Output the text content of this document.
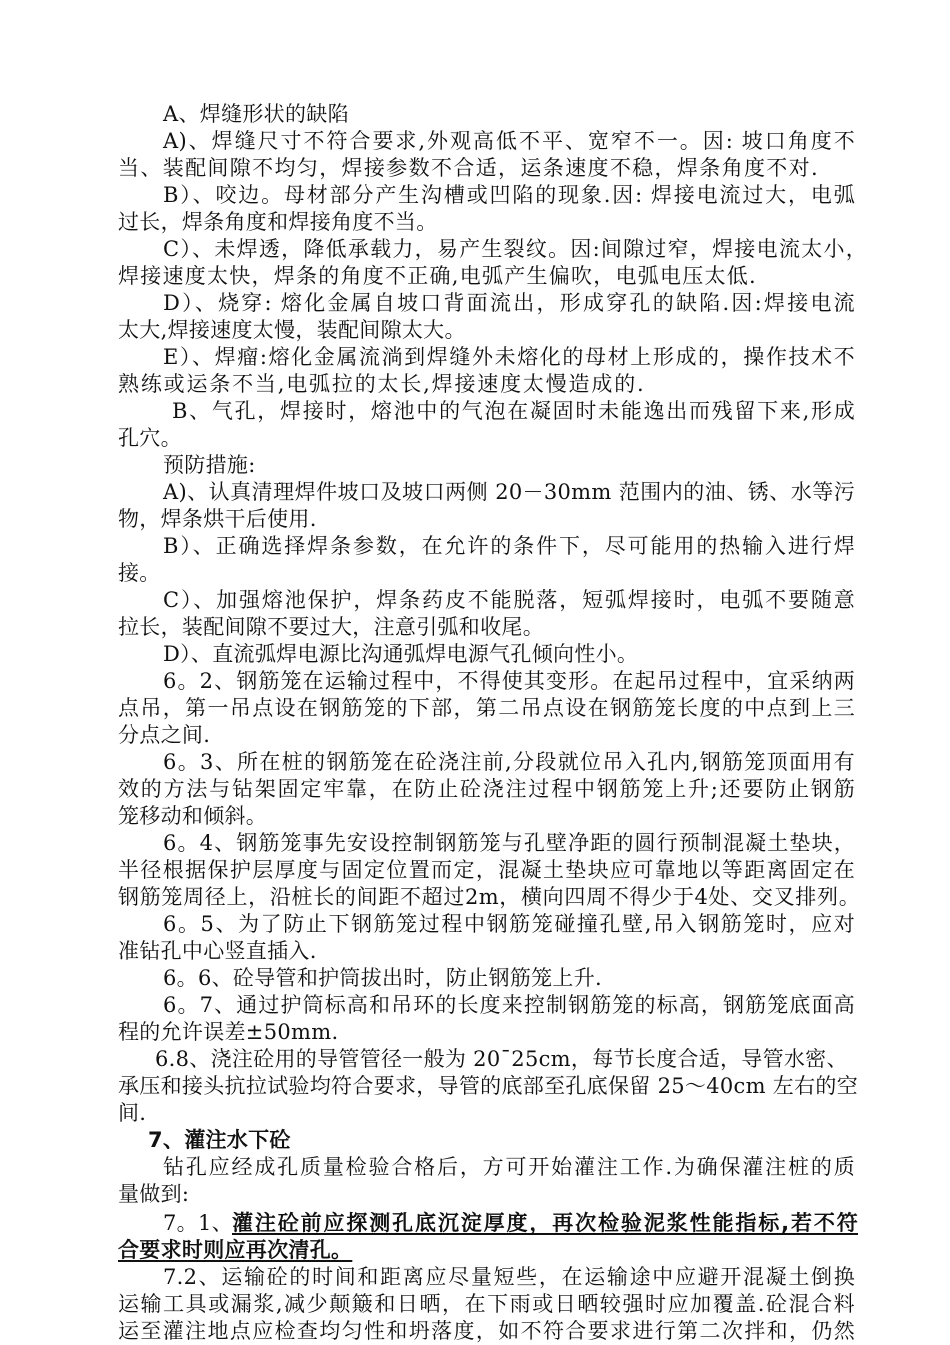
A、焊缝形状的缺陷
A)、焊缝尺寸不符合要求,外观高低不平、宽窄不一。因: 坡口角度不
当、装配间隙不均匀，焊接参数不合适，运条速度不稳，焊条角度不对.
B）、咬边。母材部分产生沟槽或凹陷的现象.因: 焊接电流过大，电弧
过长，焊条角度和焊接角度不当。
C）、未焊透，降低承载力，易产生裂纹。因:间隙过窄，焊接电流太小，
焊接速度太快，焊条的角度不正确,电弧产生偏吹，电弧电压太低.
D）、烧穿: 熔化金属自坡口背面流出，形成穿孔的缺陷.因:焊接电流
太大,焊接速度太慢，装配间隙太大。
E）、焊瘤:熔化金属流淌到焊缝外未熔化的母材上形成的，操作技术不
熟练或运条不当,电弧拉的太长,焊接速度太慢造成的.
B、气孔，焊接时，熔池中的气泡在凝固时未能逸出而残留下来,形成
孔穴。
预防措施:
A)、认真清理焊件坡口及坡口两侧 20－30mm 范围内的油、锈、水等污
物，焊条烘干后使用.
B）、正确选择焊条参数，在允许的条件下，尽可能用的热输入进行焊
接。
C）、加强熔池保护，焊条药皮不能脱落，短弧焊接时，电弧不要随意
拉长，装配间隙不要过大，注意引弧和收尾。
D）、直流弧焊电源比沟通弧焊电源气孔倾向性小。
6。2、钢筋笼在运输过程中，不得使其变形。在起吊过程中，宜采纳两
点吊，第一吊点设在钢筋笼的下部，第二吊点设在钢筋笼长度的中点到上三
分点之间.
6。3、所在桩的钢筋笼在砼浇注前,分段就位吊入孔内,钢筋笼顶面用有
效的方法与钻架固定牢靠，在防止砼浇注过程中钢筋笼上升;还要防止钢筋
笼移动和倾斜。
6。4、钢筋笼事先安设控制钢筋笼与孔壁净距的圆行预制混凝土垫块，
半径根据保护层厚度与固定位置而定，混凝土垫块应可靠地以等距离固定在
钢筋笼周径上，沿桩长的间距不超过2m，横向四周不得少于4处、交叉排列。
6。5、为了防止下钢筋笼过程中钢筋笼碰撞孔壁,吊入钢筋笼时，应对
准钻孔中心竖直插入.
6。6、砼导管和护筒拔出时，防止钢筋笼上升.
6。7、通过护筒标高和吊环的长度来控制钢筋笼的标高，钢筋笼底面高
程的允许误差±50mm.
6.8、浇注砼用的导管管径一般为 20¯25cm，每节长度合适，导管水密、
承压和接头抗拉试验均符合要求，导管的底部至孔底保留 25～40cm 左右的空
间.
7、灌注水下砼
钻孔应经成孔质量检验合格后，方可开始灌注工作.为确保灌注桩的质
量做到:
7。1、 灌注砼前应探测孔底沉淀厚度，再次检验泥浆性能指标,若不符
合要求时则应再次清孔。
7.2、运输砼的时间和距离应尽量短些，在运输途中应避开混凝土倒换
运输工具或漏浆,减少颠簸和日晒，在下雨或日晒较强时应加覆盖.砼混合料
运至灌注地点应检查均匀性和坍落度，如不符合要求进行第二次拌和，仍然
